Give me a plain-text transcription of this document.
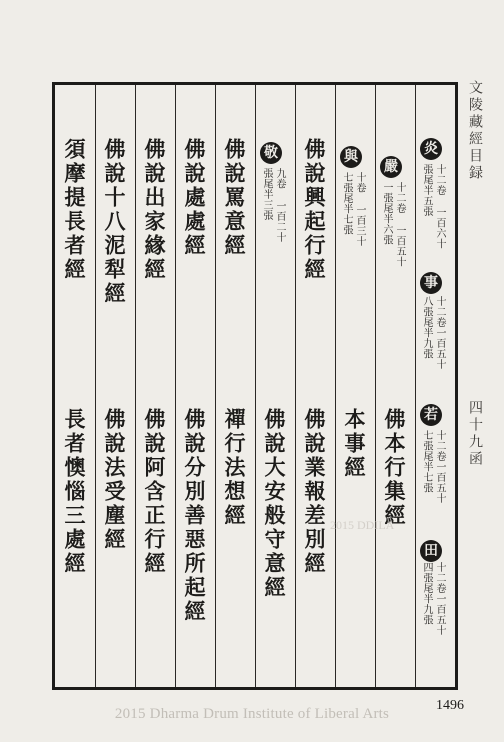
文陵藏經目録
四十九函
炎
十二卷 一百六十
張尾半五張
事
十二卷一百五十
八張尾半九張
嚴
十二卷 一百五十
一張尾半六張
佛本行集經 若
十二卷一百五十
七張尾半七張
田
十二卷一百五十
四張尾半九張
與
十卷 一百三十
七張尾半七張
本事經
佛說興起行經
佛說業報差別經
敬
九卷 一百二十
張尾半三張
佛說大安般守意經
佛說罵意經
禪行法想經
佛說處處經
佛說分別善惡所起經
佛說出家緣經
佛說阿含正行經
佛說十八泥犁經
佛說法受塵經
須摩提長者經
長者懊惱三處經	2015 DDILA
2015 Dharma Drum Institute of Liberal Arts
1496
